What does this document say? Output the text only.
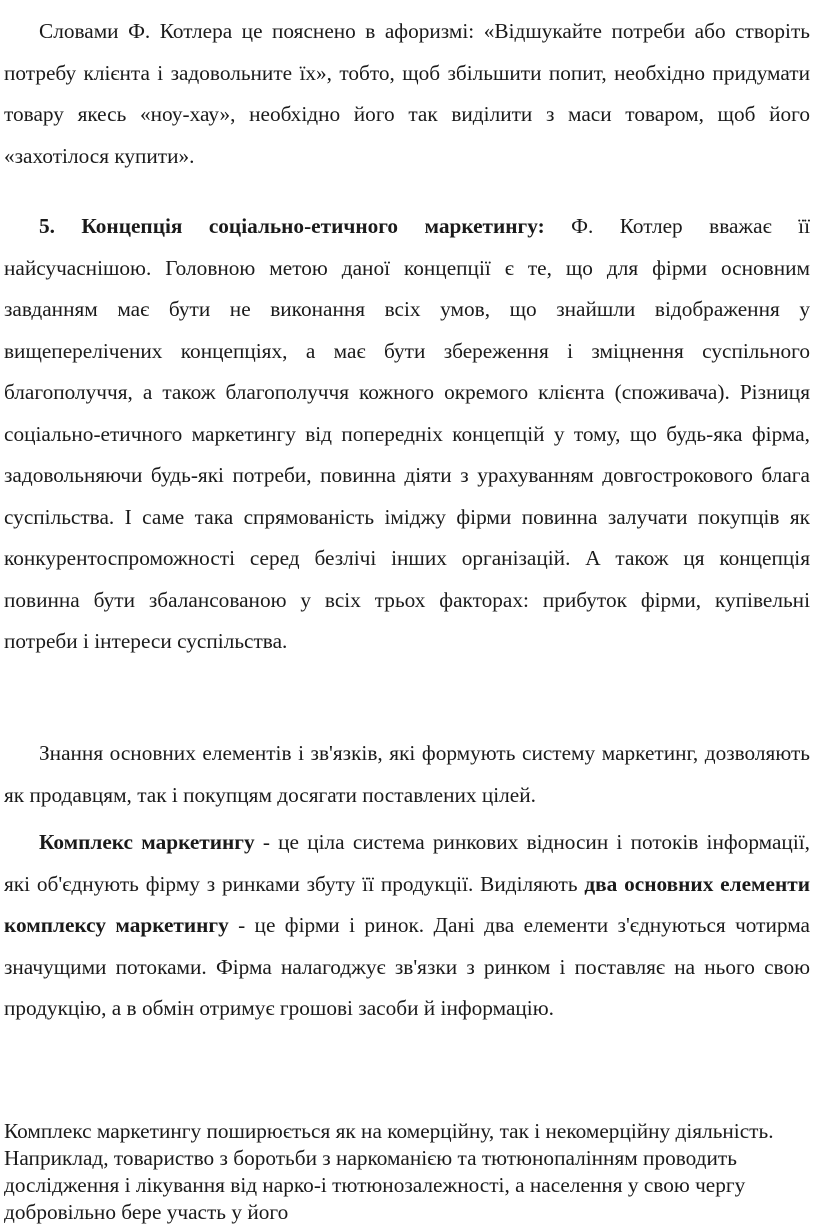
Словами Ф. Котлера це пояснено в афоризмі: «Відшукайте потреби або створіть потребу клієнта і задовольните їх», тобто, щоб збільшити попит, необхідно придумати товару якесь «ноу-хау», необхідно його так виділити з маси товаром, щоб його «захотілося купити».

5. Концепція соціально-етичного маркетингу: Ф. Котлер вважає її найсучаснішою. Головною метою даної концепції є те, що для фірми основним завданням має бути не виконання всіх умов, що знайшли відображення у вищеперелічених концепціях, а має бути збереження і зміцнення суспільного благополуччя, а також благополуччя кожного окремого клієнта (споживача). Різниця соціально-етичного маркетингу від попередніх концепцій у тому, що будь-яка фірма, задовольняючи будь-які потреби, повинна діяти з урахуванням довгострокового блага суспільства. І саме така спрямованість іміджу фірми повинна залучати покупців як конкурентоспроможності серед безлічі інших організацій. А також ця концепція повинна бути збалансованою у всіх трьох факторах: прибуток фірми, купівельні потреби і інтереси суспільства.

Знання основних елементів і зв'язків, які формують систему маркетинг, дозволяють як продавцям, так і покупцям досягати поставлених цілей.

Комплекс маркетингу - це ціла система ринкових відносин і потоків інформації, які об'єднують фірму з ринками збуту її продукції. Виділяють два основних елементи комплексу маркетингу - це фірми і ринок. Дані два елементи з'єднуються чотирма значущими потоками. Фірма налагоджує зв'язки з ринком і поставляє на нього свою продукцію, а в обмін отримує грошові засоби й інформацію.

Комплекс маркетингу поширюється як на комерційну, так і некомерційну діяльність. Наприклад, товариство з боротьби з наркоманією та тютюнопалінням проводить дослідження і лікування від нарко-і тютюнозалежності, а населення у свою чергу добровільно бере участь у його
